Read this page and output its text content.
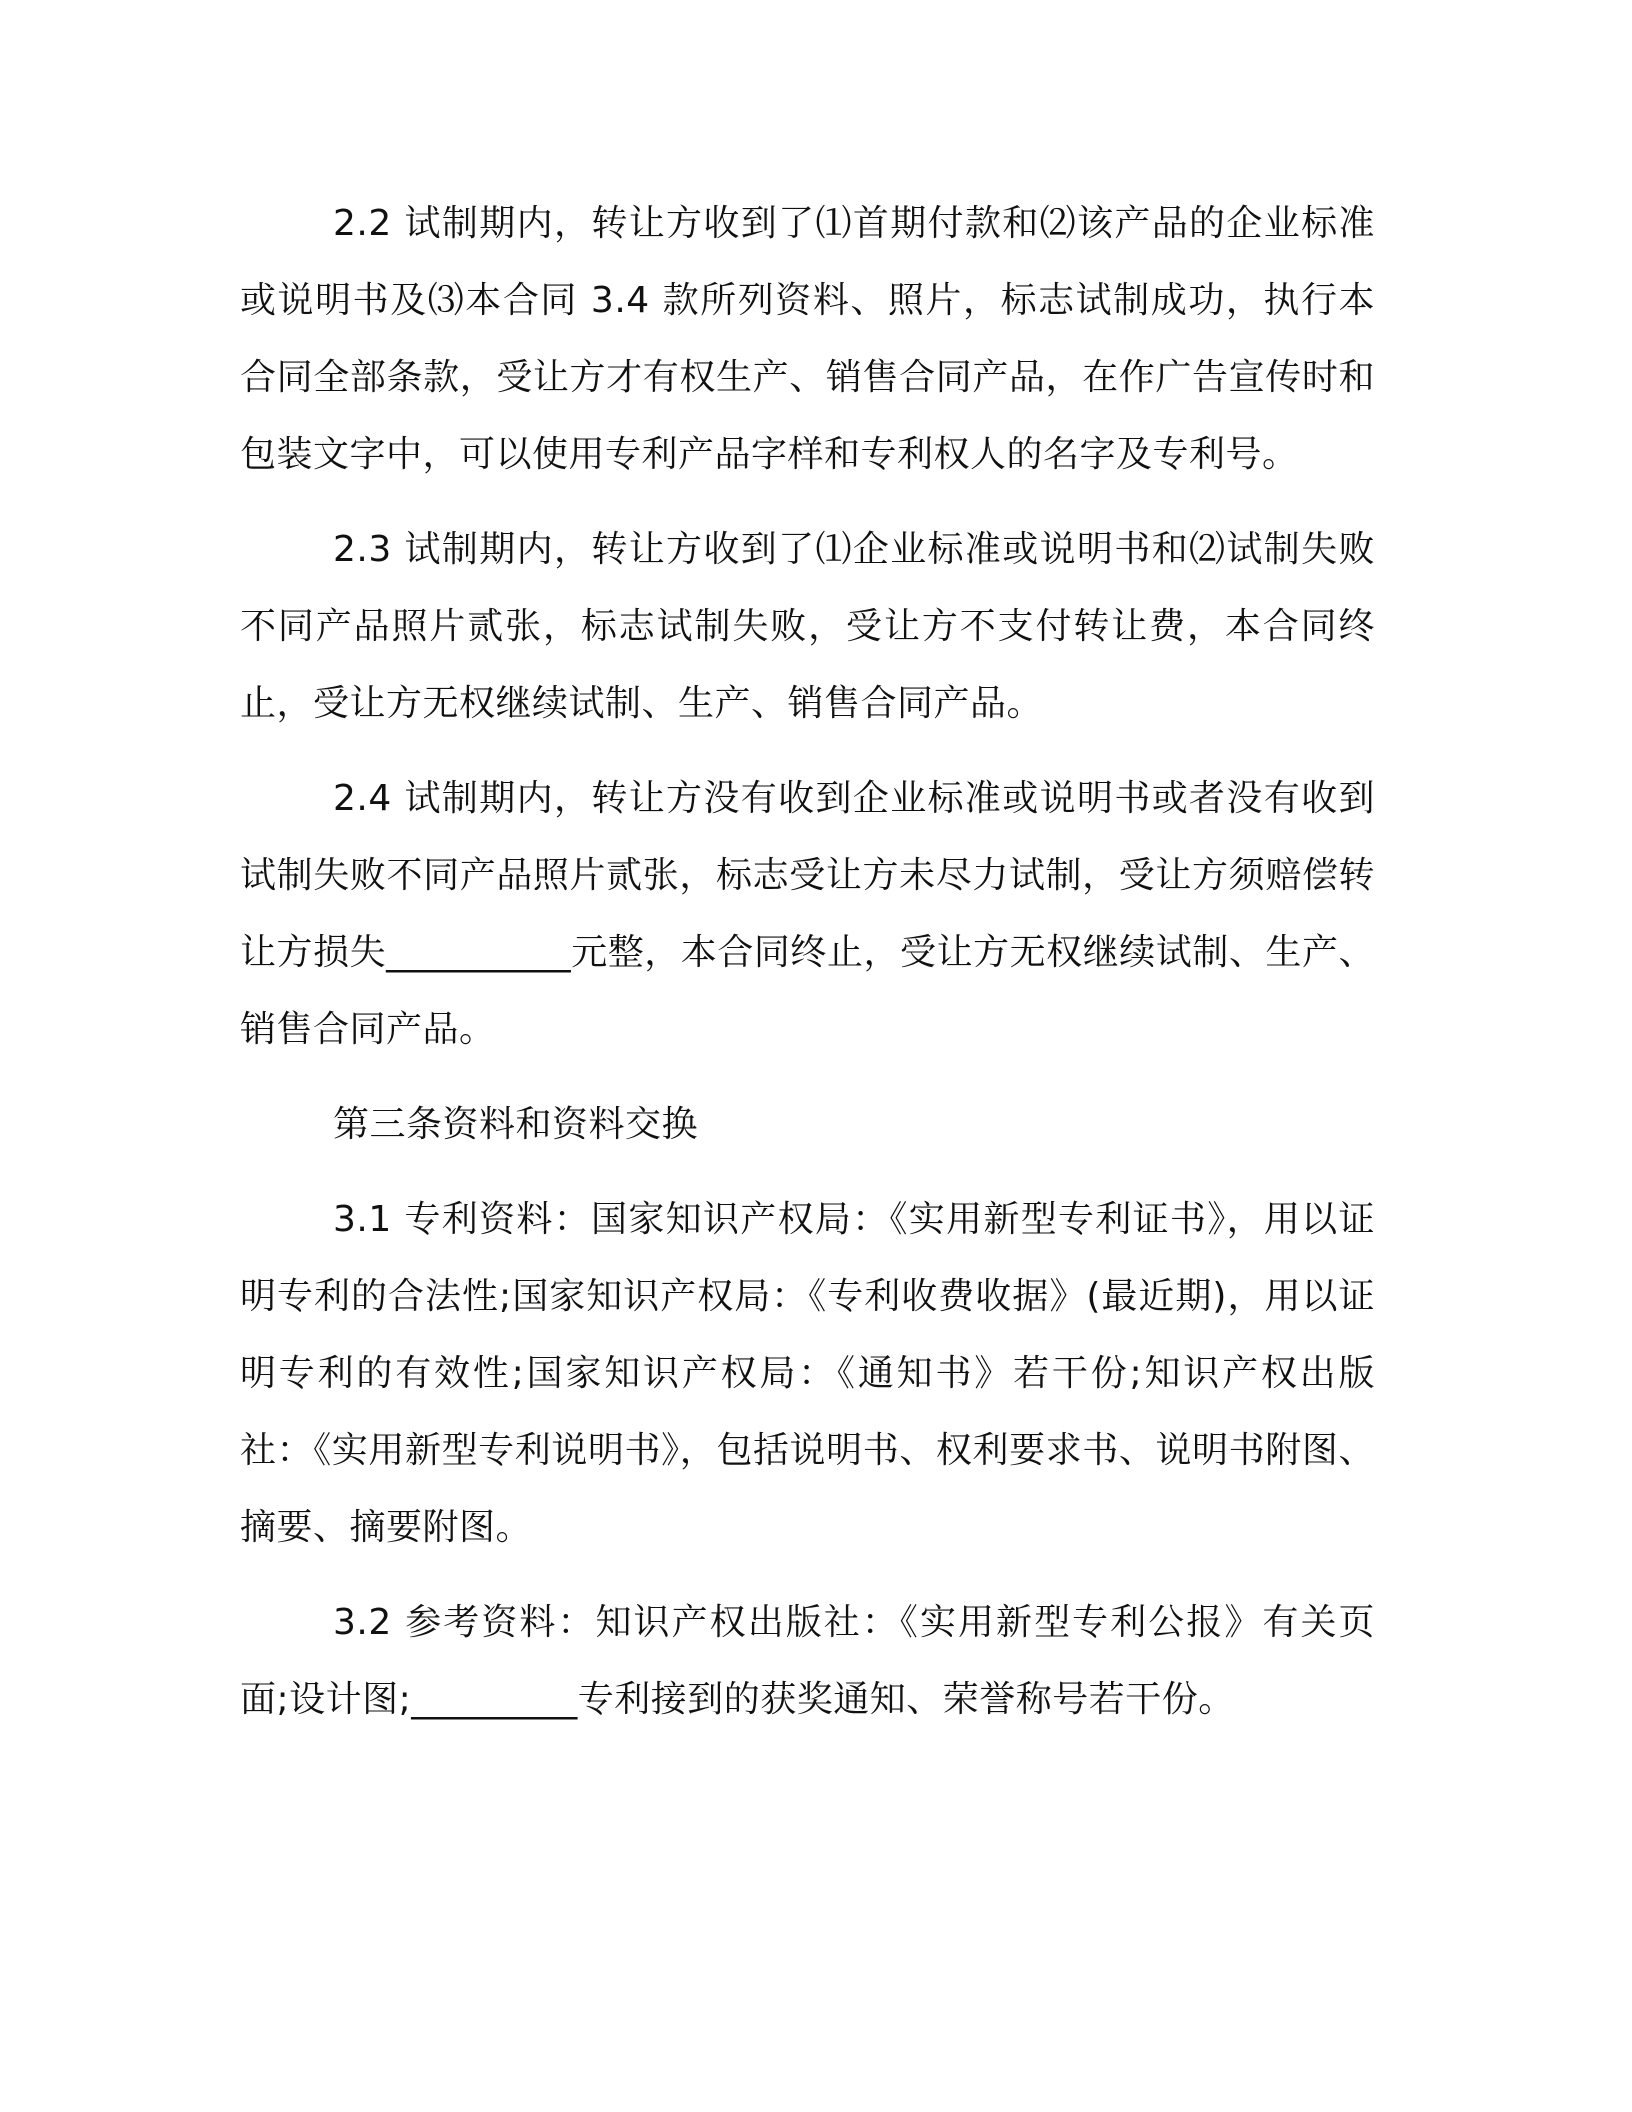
2.2 试制期内，转让方收到了⑴首期付款和⑵该产品的企业标准或说明书及⑶本合同 3.4 款所列资料、照片，标志试制成功，执行本合同全部条款，受让方才有权生产、销售合同产品，在作广告宣传时和包装文字中，可以使用专利产品字样和专利权人的名字及专利号。

2.3 试制期内，转让方收到了⑴企业标准或说明书和⑵试制失败不同产品照片贰张，标志试制失败，受让方不支付转让费，本合同终止，受让方无权继续试制、生产、销售合同产品。

2.4 试制期内，转让方没有收到企业标准或说明书或者没有收到试制失败不同产品照片贰张，标志受让方未尽力试制，受让方须赔偿转让方损失__________元整，本合同终止，受让方无权继续试制、生产、销售合同产品。

第三条资料和资料交换

3.1 专利资料：国家知识产权局：《实用新型专利证书》，用以证明专利的合法性;国家知识产权局：《专利收费收据》(最近期)，用以证明专利的有效性;国家知识产权局：《通知书》若干份;知识产权出版社：《实用新型专利说明书》，包括说明书、权利要求书、说明书附图、摘要、摘要附图。

3.2 参考资料：知识产权出版社：《实用新型专利公报》有关页面;设计图;_________专利接到的获奖通知、荣誉称号若干份。
